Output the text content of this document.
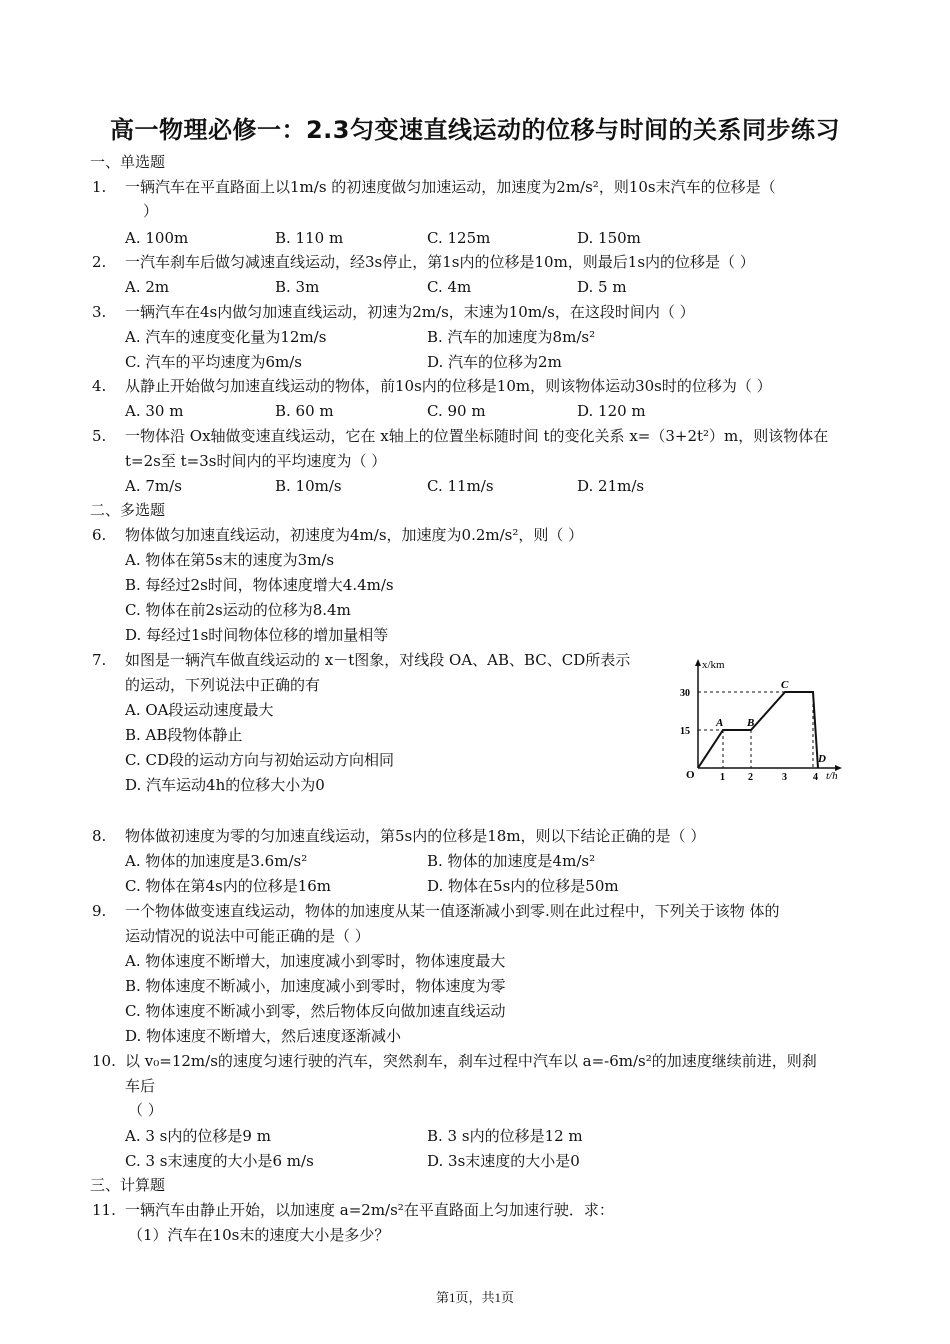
高一物理必修一：2.3匀变速直线运动的位移与时间的关系同步练习
一、单选题
1. 一辆汽车在平直路面上以1m/s 的初速度做匀加速运动，加速度为2m/s²，则10s末汽车的位移是（
）
A. 100m	B. 110 m	C. 125m	D. 150m
2. 一汽车刹车后做匀减速直线运动，经3s停止，第1s内的位移是10m，则最后1s内的位移是（ ）
A. 2m	B. 3m	C. 4m	D. 5 m
3. 一辆汽车在4s内做匀加速直线运动，初速为2m/s，末速为10m/s，在这段时间内（ ）
A. 汽车的速度变化量为12m/s	B. 汽车的加速度为8m/s²
C. 汽车的平均速度为6m/s	D. 汽车的位移为2m
4. 从静止开始做匀加速直线运动的物体，前10s内的位移是10m，则该物体运动30s时的位移为（ ）
A. 30 m	B. 60 m	C. 90 m	D. 120 m
5. 一物体沿 Ox轴做变速直线运动，它在 x轴上的位置坐标随时间 t的变化关系 x=（3+2t²）m，则该物体在
t=2s至 t=3s时间内的平均速度为（ ）
A. 7m/s	B. 10m/s	C. 11m/s	D. 21m/s
二、多选题
6. 物体做匀加速直线运动，初速度为4m/s，加速度为0.2m/s²，则（ ）
A. 物体在第5s末的速度为3m/s
B. 每经过2s时间，物体速度增大4.4m/s
C. 物体在前2s运动的位移为8.4m
D. 每经过1s时间物体位移的增加量相等
7. 如图是一辆汽车做直线运动的 x－t图象，对线段 OA、AB、BC、CD所表示
的运动，下列说法中正确的有
A. OA段运动速度最大
B. AB段物体静止
C. CD段的运动方向与初始运动方向相同
D. 汽车运动4h的位移大小为0
x/km
t/h
O
15
30
1 2	3	4
A B
C
D
8. 物体做初速度为零的匀加速直线运动，第5s内的位移是18m，则以下结论正确的是（ ）
A. 物体的加速度是3.6m/s²	B. 物体的加速度是4m/s²
C. 物体在第4s内的位移是16m	D. 物体在5s内的位移是50m
9. 一个物体做变速直线运动，物体的加速度从某一值逐渐减小到零.则在此过程中，下列关于该物 体的
运动情况的说法中可能正确的是（ ）
A. 物体速度不断增大，加速度减小到零时，物体速度最大
B. 物体速度不断减小，加速度减小到零时，物体速度为零
C. 物体速度不断减小到零，然后物体反向做加速直线运动
D. 物体速度不断增大，然后速度逐渐减小
10. 以 v₀=12m/s的速度匀速行驶的汽车，突然刹车，刹车过程中汽车以 a=-6m/s²的加速度继续前进，则刹
车后
（ ）
A. 3 s内的位移是9 m	B. 3 s内的位移是12 m
C. 3 s末速度的大小是6 m/s	D. 3s末速度的大小是0
三、计算题
11. 一辆汽车由静止开始，以加速度 a=2m/s²在平直路面上匀加速行驶．求：
（1）汽车在10s末的速度大小是多少？
第1页，共1页
